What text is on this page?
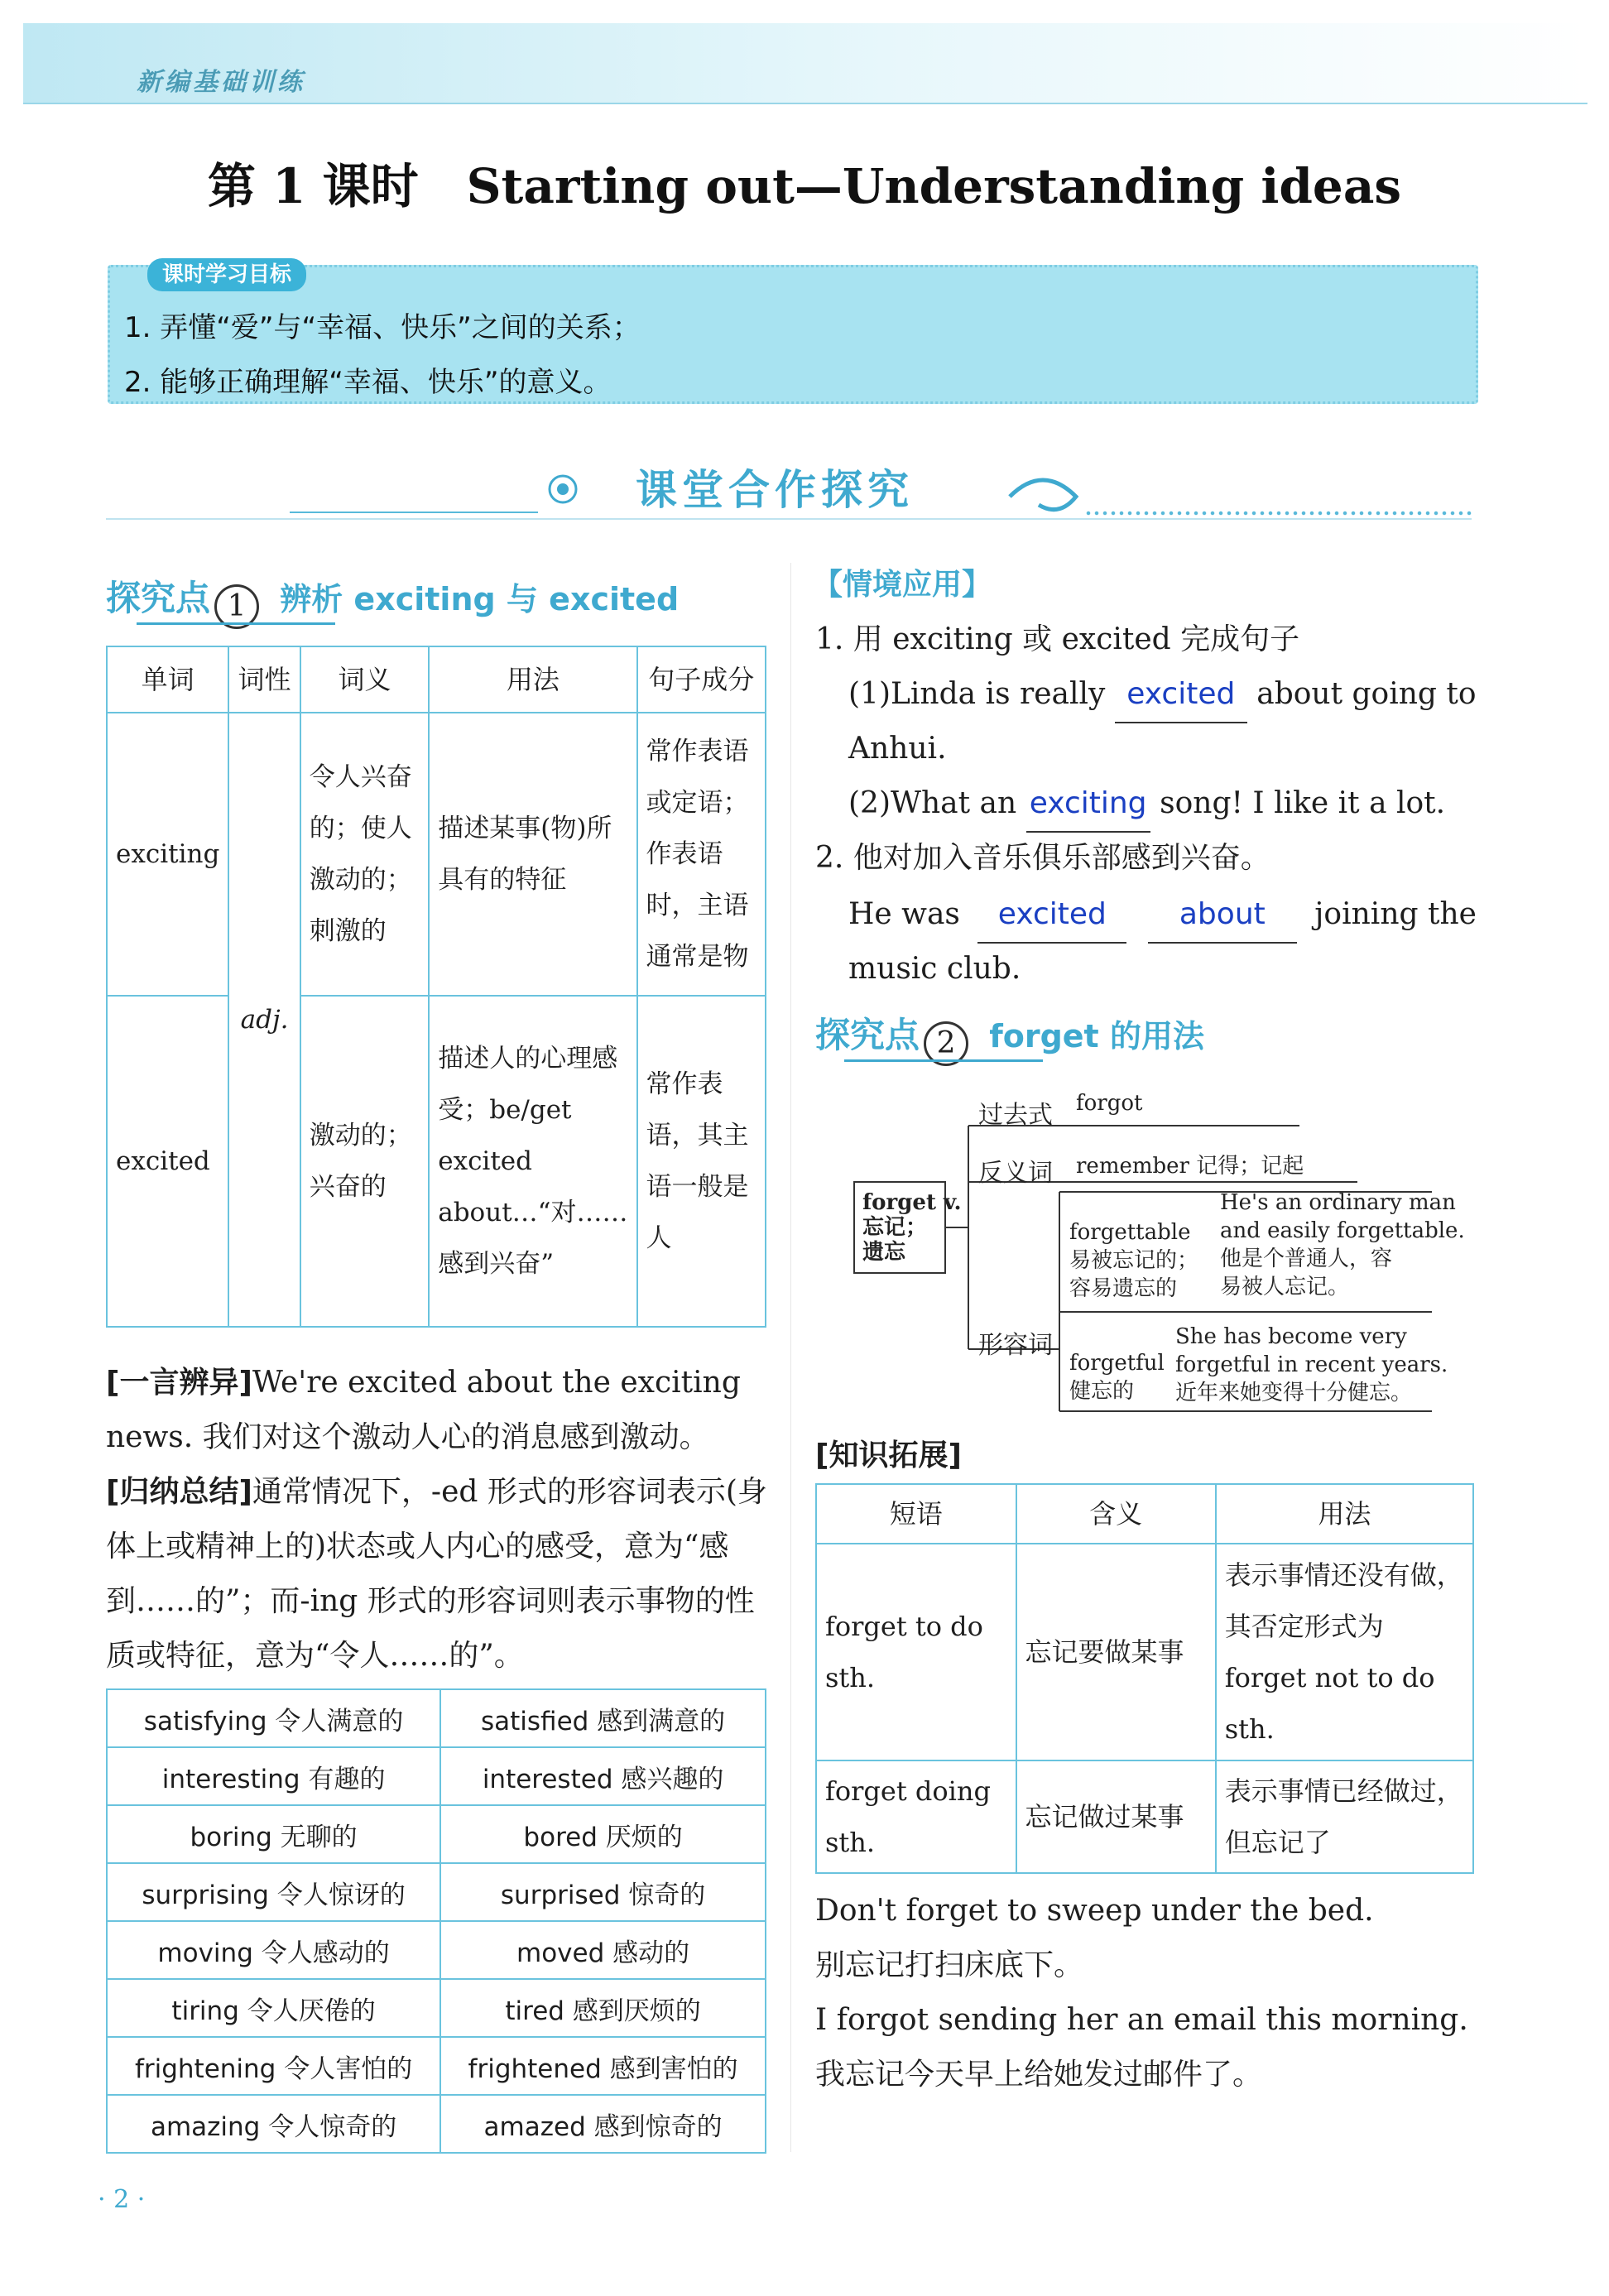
新编基础训练
第 1 课时　Starting out—Understanding ideas
课时学习目标
1. 弄懂“爱”与“幸福、快乐”之间的关系；
2. 能够正确理解“幸福、快乐”的意义。
课堂合作探究
探究点 1 辨析 exciting 与 excited
单词	词性	词义	用法	句子成分
exciting	adj.	令人兴奋的；使人激动的；刺激的	描述某事(物)所具有的特征	常作表语或定语；作表语时，主语通常是物
excited		激动的；兴奋的	描述人的心理感受；be/get excited about…“对……感到兴奋”	常作表语，其主语一般是人
[一言辨异]We're excited about the exciting news. 我们对这个激动人心的消息感到激动。
[归纳总结]通常情况下，-ed 形式的形容词表示(身体上或精神上的)状态或人内心的感受，意为“感到……的”；而-ing 形式的形容词则表示事物的性质或特征，意为“令人……的”。
satisfying 令人满意的	satisfied 感到满意的
interesting 有趣的	interested 感兴趣的
boring 无聊的	bored 厌烦的
surprising 令人惊讶的	surprised 惊奇的
moving 令人感动的	moved 感动的
tiring 令人厌倦的	tired 感到厌烦的
frightening 令人害怕的	frightened 感到害怕的
amazing 令人惊奇的	amazed 感到惊奇的
【情境应用】
1. 用 exciting 或 excited 完成句子
(1)Linda is really excited about going to
Anhui.
(2)What an exciting song! I like it a lot.
2. 他对加入音乐俱乐部感到兴奋。
He was excited about joining the
music club.
探究点 2 forget 的用法
forget v.
忘记；
遗忘
过去式 forgot
反义词 remember 记得；记起
形容词
forgettable
易被忘记的；
容易遗忘的
He's an ordinary man
and easily forgettable.
他是个普通人，容
易被人忘记。
forgetful
健忘的
She has become very
forgetful in recent years.
近年来她变得十分健忘。
[知识拓展]
短语	含义	用法
forget to do sth.	忘记要做某事	表示事情还没有做，其否定形式为 forget not to do sth.
forget doing sth.	忘记做过某事	表示事情已经做过，但忘记了
Don't forget to sweep under the bed.
别忘记打扫床底下。
I forgot sending her an email this morning.
我忘记今天早上给她发过邮件了。
· 2 ·
